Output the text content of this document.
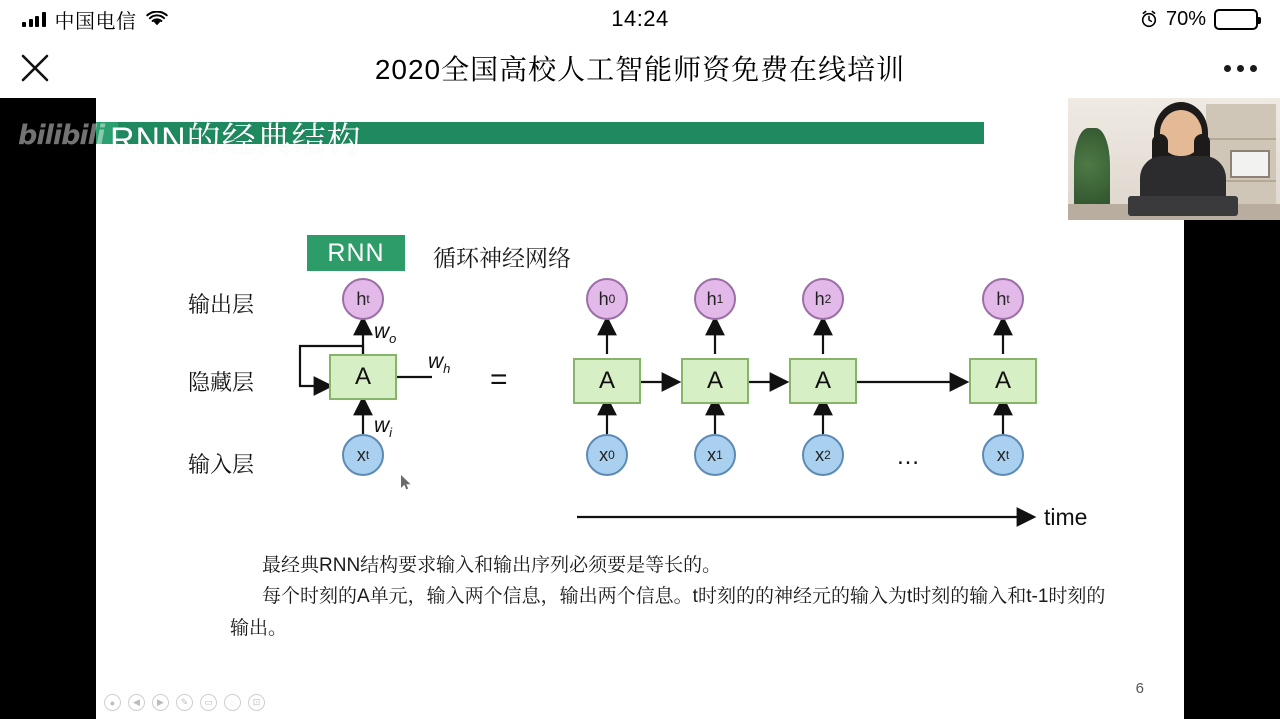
中国电信	14:24	70%
2020全国高校人工智能师资免费在线培训
bilibili RNN的经典结构
RNN	循环神经网络
输出层
隐藏层
输入层
h t
A
x t
$w_o$
$w_h$
$w_i$
=
h 0
A
x 0
h 1
A
x 1
h 2
A
x 2	…
h t
A
x t
time
最经典RNN结构要求输入和输出序列必须要是等长的。
每个时刻的A单元，输入两个信息，输出两个信息。t时刻的的神经元的输入为t时刻的输入和t-1时刻的
输出。
6
●	◀	▶	✎	▭	◌	⊡
